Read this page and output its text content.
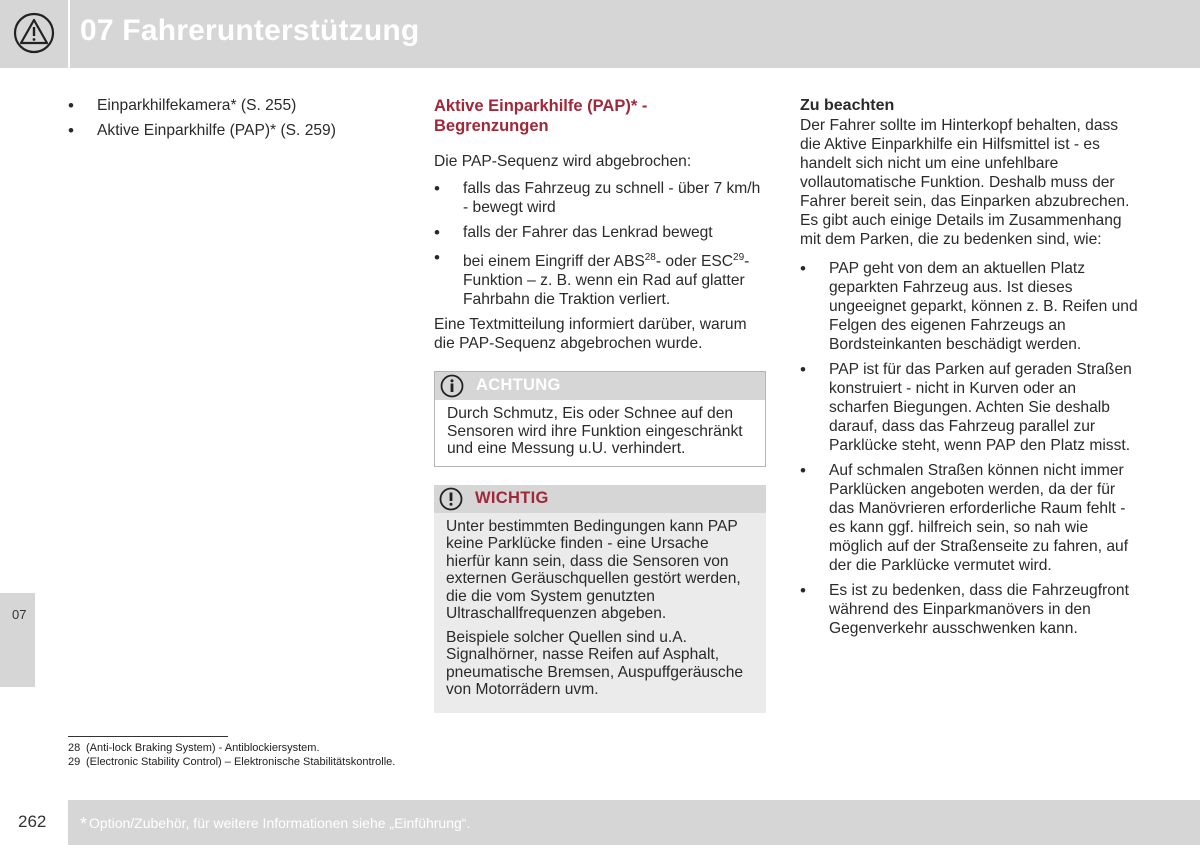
07 Fahrerunterstützung
07
• Einparkhilfekamera* (S. 255)
• Aktive Einparkhilfe (PAP)* (S. 259)
Aktive Einparkhilfe (PAP)* - Begrenzungen

Die PAP-Sequenz wird abgebrochen:

• falls das Fahrzeug zu schnell - über 7 km/h - bewegt wird
• falls der Fahrer das Lenkrad bewegt
• bei einem Eingriff der ABS$^{28}$- oder ESC$^{29}$-Funktion – z. B. wenn ein Rad auf glatter Fahrbahn die Traktion verliert.

Eine Textmitteilung informiert darüber, warum die PAP-Sequenz abgebrochen wurde.

ACHTUNG
Durch Schmutz, Eis oder Schnee auf den Sensoren wird ihre Funktion eingeschränkt und eine Messung u.U. verhindert.
WICHTIG

Unter bestimmten Bedingungen kann PAP keine Parklücke finden - eine Ursache hierfür kann sein, dass die Sensoren von externen Geräuschquellen gestört werden, die die vom System genutzten Ultraschallfrequenzen abgeben.

Beispiele solcher Quellen sind u.A. Signalhörner, nasse Reifen auf Asphalt, pneumatische Bremsen, Auspuffgeräusche von Motorrädern uvm.

Zu beachten

Der Fahrer sollte im Hinterkopf behalten, dass die Aktive Einparkhilfe ein Hilfsmittel ist - es handelt sich nicht um eine unfehlbare vollautomatische Funktion. Deshalb muss der Fahrer bereit sein, das Einparken abzubrechen. Es gibt auch einige Details im Zusammenhang mit dem Parken, die zu bedenken sind, wie:

• PAP geht von dem an aktuellen Platz geparkten Fahrzeug aus. Ist dieses ungeeignet geparkt, können z. B. Reifen und Felgen des eigenen Fahrzeugs an Bordsteinkanten beschädigt werden.
• PAP ist für das Parken auf geraden Straßen konstruiert - nicht in Kurven oder an scharfen Biegungen. Achten Sie deshalb darauf, dass das Fahrzeug parallel zur Parklücke steht, wenn PAP den Platz misst.
• Auf schmalen Straßen können nicht immer Parklücken angeboten werden, da der für das Manövrieren erforderliche Raum fehlt - es kann ggf. hilfreich sein, so nah wie möglich auf der Straßenseite zu fahren, auf der die Parklücke vermutet wird.
• Es ist zu bedenken, dass die Fahrzeugfront während des Einparkmanövers in den Gegenverkehr ausschwenken kann.
28 (Anti-lock Braking System) - Antiblockiersystem.
29 (Electronic Stability Control) – Elektronische Stabilitätskontrolle.
262 * Option/Zubehör, für weitere Informationen siehe „Einführung“.
